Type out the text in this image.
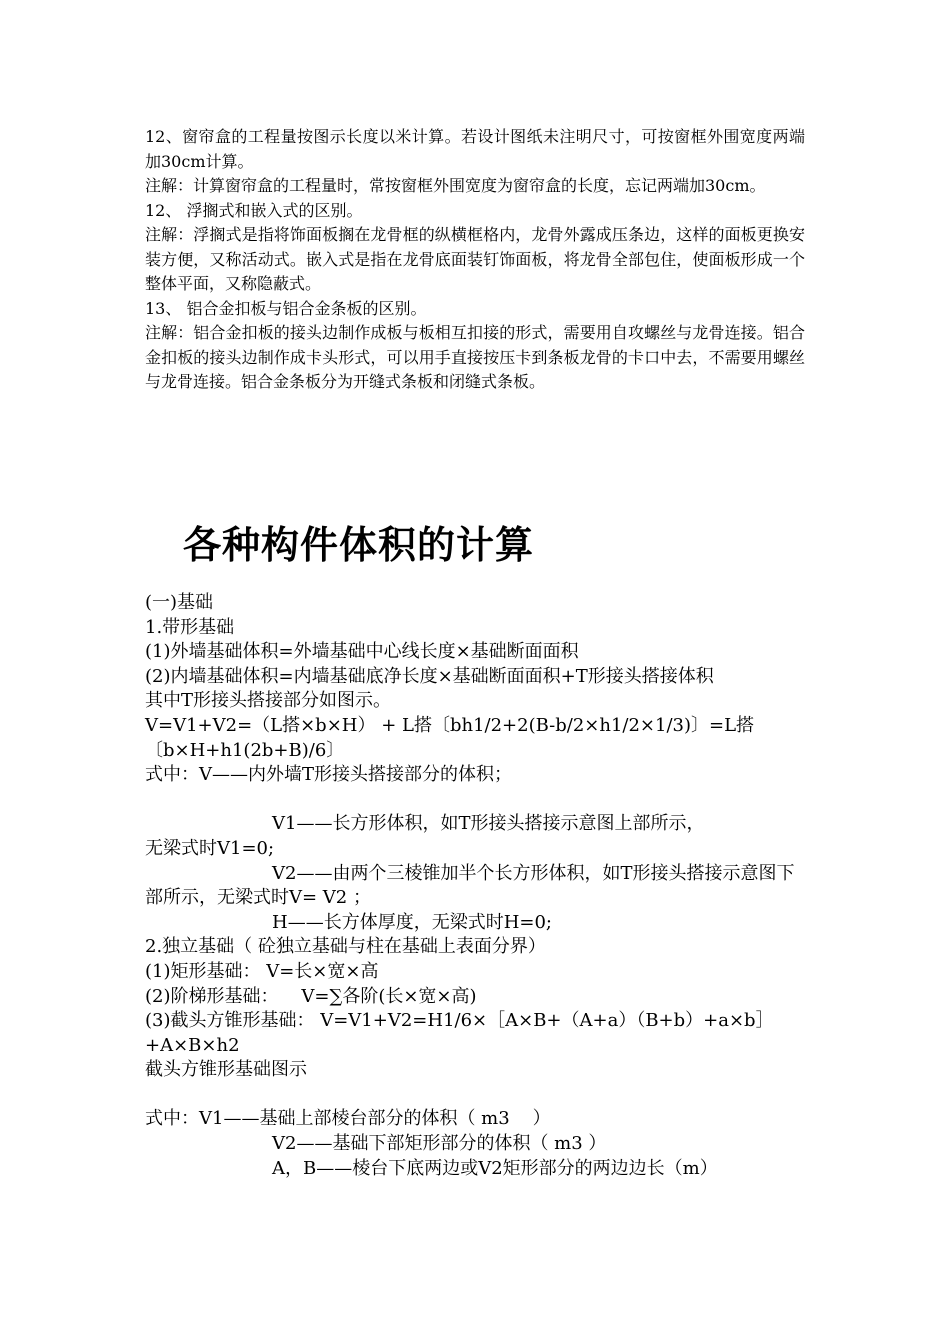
12、窗帘盒的工程量按图示长度以米计算。若设计图纸未注明尺寸，可按窗框外围宽度两端加30cm计算。

注解：计算窗帘盒的工程量时，常按窗框外围宽度为窗帘盒的长度，忘记两端加30cm。

12、 浮搁式和嵌入式的区别。

注解：浮搁式是指将饰面板搁在龙骨框的纵横框格内，龙骨外露成压条边，这样的面板更换安装方便，又称活动式。嵌入式是指在龙骨底面装钉饰面板，将龙骨全部包住，使面板形成一个整体平面，又称隐蔽式。

13、 铝合金扣板与铝合金条板的区别。

注解：铝合金扣板的接头边制作成板与板相互扣接的形式，需要用自攻螺丝与龙骨连接。铝合金扣板的接头边制作成卡头形式，可以用手直接按压卡到条板龙骨的卡口中去，不需要用螺丝与龙骨连接。铝合金条板分为开缝式条板和闭缝式条板。

各种构件体积的计算

(一)基础

1.带形基础

(1)外墙基础体积=外墙基础中心线长度×基础断面面积

(2)内墙基础体积=内墙基础底净长度×基础断面面积+T形接头搭接体积

其中T形接头搭接部分如图示。

V=V1+V2=（L搭×b×H） + L搭〔bh1/2+2(B-b/2×h1/2×1/3)〕=L搭〔b×H+h1(2b+B)/6〕

式中：V——内外墙T形接头搭接部分的体积；

V1——长方形体积，如T形接头搭接示意图上部所示，

无梁式时V1=0;

V2——由两个三棱锥加半个长方形体积，如T形接头搭接示意图下部所示，无梁式时V= V2 ；

H——长方体厚度，无梁式时H=0;

2.独立基础（ 砼独立基础与柱在基础上表面分界）

(1)矩形基础： V=长×宽×高

(2)阶梯形基础：    V=∑各阶(长×宽×高)

(3)截头方锥形基础： V=V1+V2=H1/6×［A×B+（A+a）（B+b）+a×b］+A×B×h2

截头方锥形基础图示

式中：V1——基础上部棱台部分的体积（ m3    ）

V2——基础下部矩形部分的体积（ m3 ）

A，B——棱台下底两边或V2矩形部分的两边边长（m）
